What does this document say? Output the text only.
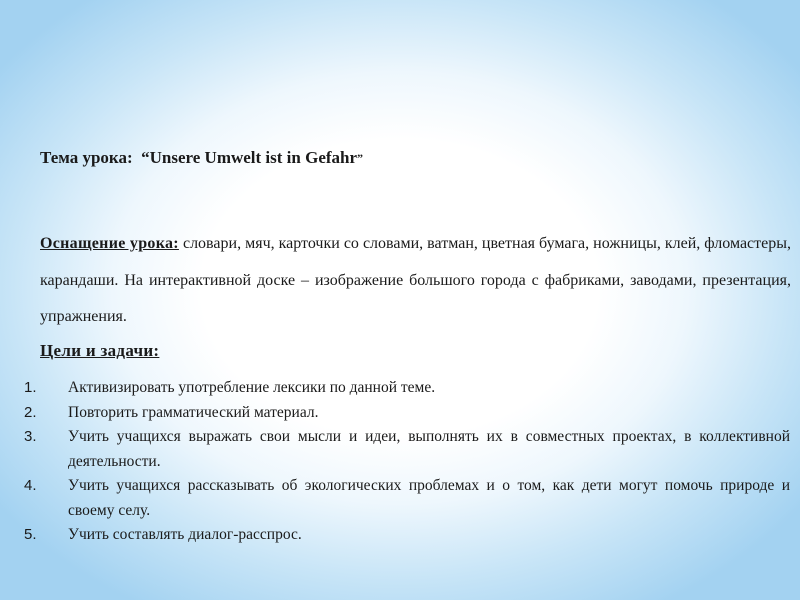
Тема урока: “Unsere Umwelt ist in Gefahr”
Оснащение урока: словари, мяч, карточки со словами, ватман, цветная бумага, ножницы, клей, фломастеры, карандаши. На интерактивной доске – изображение большого города с фабриками, заводами, презентация, упражнения.
Цели и задачи:
1. Активизировать употребление лексики по данной теме.
2. Повторить грамматический материал.
3. Учить учащихся выражать свои мысли и идеи, выполнять их в совместных проектах, в коллективной деятельности.
4. Учить учащихся рассказывать об экологических проблемах и о том, как дети могут помочь природе и своему селу.
5. Учить составлять диалог-расспрос.
